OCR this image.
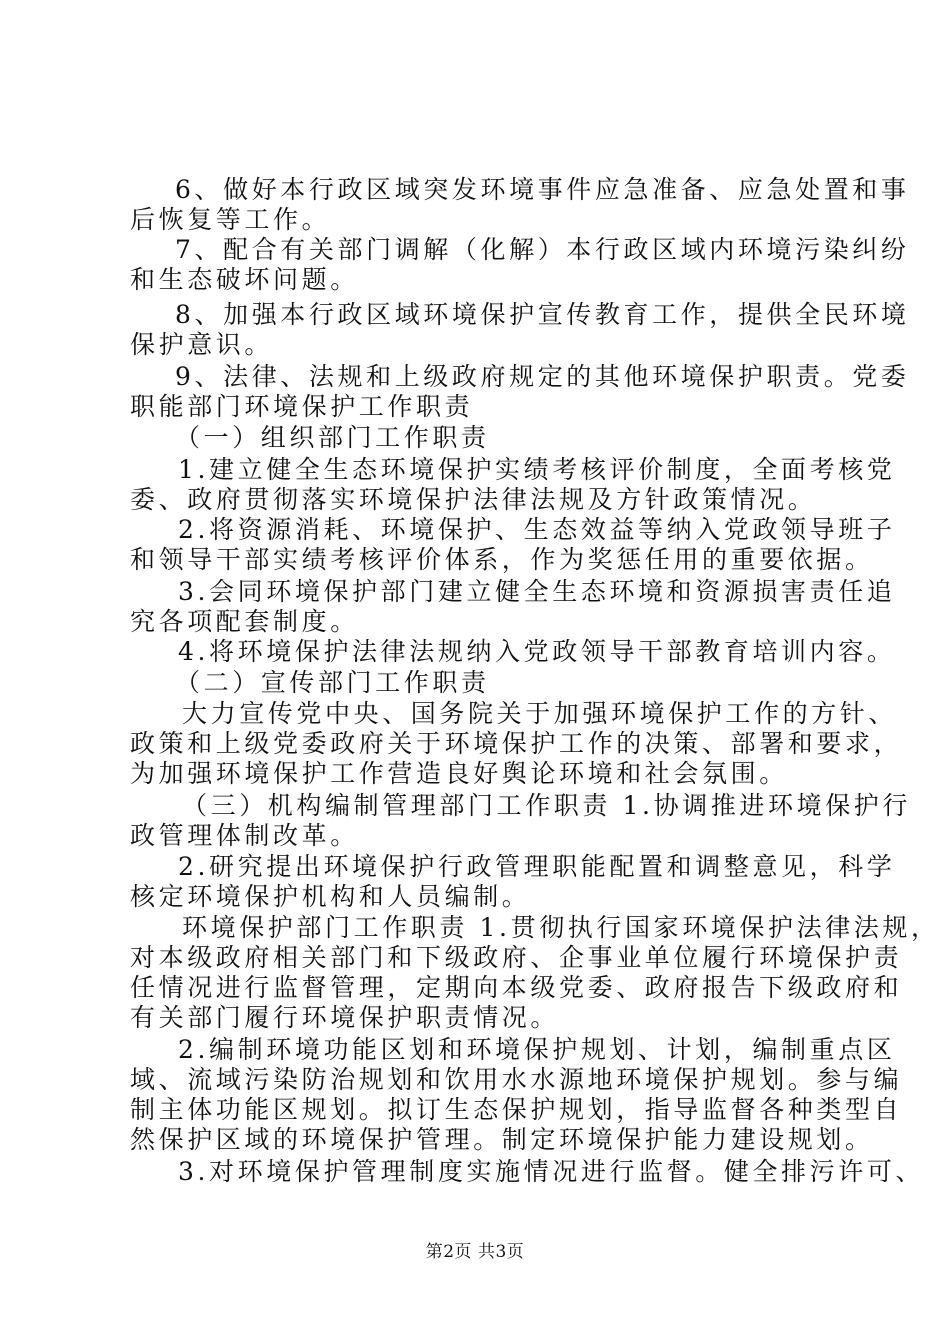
6、做好本行政区域突发环境事件应急准备、应急处置和事
后恢复等工作。
7、配合有关部门调解（化解）本行政区域内环境污染纠纷
和生态破坏问题。
8、加强本行政区域环境保护宣传教育工作，提供全民环境
保护意识。
9、法律、法规和上级政府规定的其他环境保护职责。党委
职能部门环境保护工作职责
（一）组织部门工作职责
1.建立健全生态环境保护实绩考核评价制度，全面考核党
委、政府贯彻落实环境保护法律法规及方针政策情况。
2.将资源消耗、环境保护、生态效益等纳入党政领导班子
和领导干部实绩考核评价体系，作为奖惩任用的重要依据。
3.会同环境保护部门建立健全生态环境和资源损害责任追
究各项配套制度。
4.将环境保护法律法规纳入党政领导干部教育培训内容。
（二）宣传部门工作职责
大力宣传党中央、国务院关于加强环境保护工作的方针、
政策和上级党委政府关于环境保护工作的决策、部署和要求，
为加强环境保护工作营造良好舆论环境和社会氛围。
（三）机构编制管理部门工作职责 1.协调推进环境保护行
政管理体制改革。
2.研究提出环境保护行政管理职能配置和调整意见，科学
核定环境保护机构和人员编制。
环境保护部门工作职责 1.贯彻执行国家环境保护法律法规，
对本级政府相关部门和下级政府、企事业单位履行环境保护责
任情况进行监督管理，定期向本级党委、政府报告下级政府和
有关部门履行环境保护职责情况。
2.编制环境功能区划和环境保护规划、计划，编制重点区
域、流域污染防治规划和饮用水水源地环境保护规划。参与编
制主体功能区规划。拟订生态保护规划，指导监督各种类型自
然保护区域的环境保护管理。制定环境保护能力建设规划。
3.对环境保护管理制度实施情况进行监督。健全排污许可、
第2页 共3页
